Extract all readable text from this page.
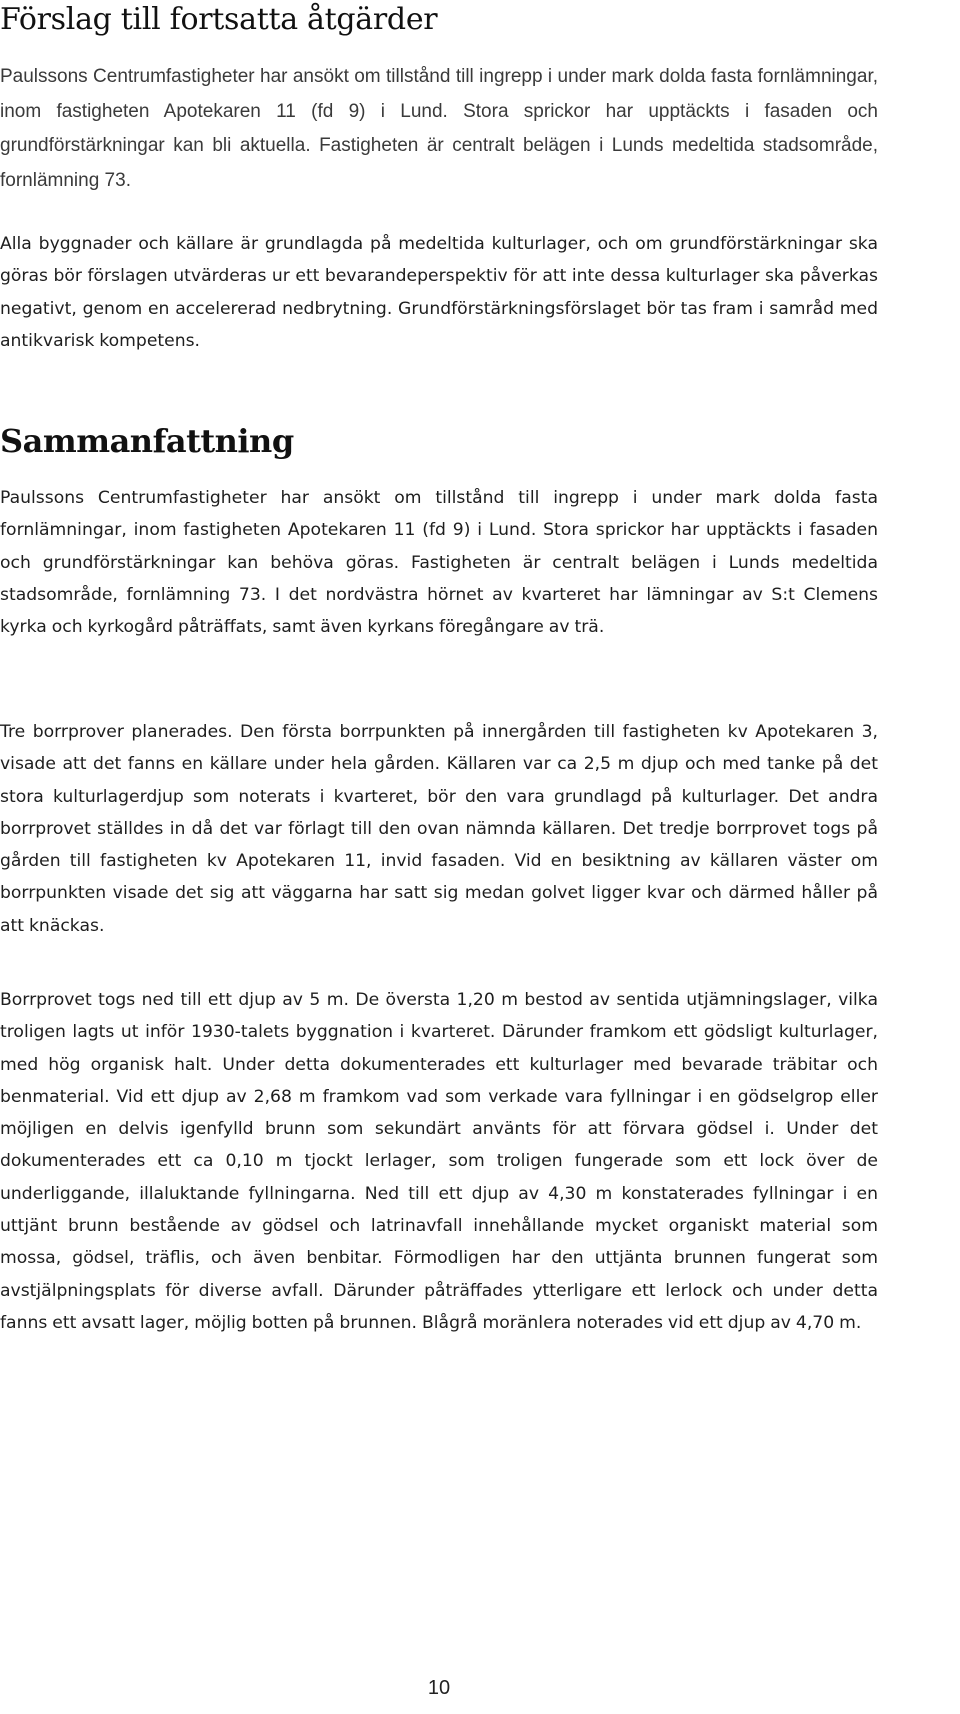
Förslag till fortsatta åtgärder

Paulssons Centrumfastigheter har ansökt om tillstånd till ingrepp i under mark dolda fasta fornlämningar, inom fastigheten Apotekaren 11 (fd 9) i Lund. Stora sprickor har upptäckts i fasaden och grundförstärkningar kan bli aktuella. Fastigheten är centralt belägen i Lunds medeltida stadsområde, fornlämning 73.

Alla byggnader och källare är grundlagda på medeltida kulturlager, och om grundförstärkningar ska göras bör förslagen utvärderas ur ett bevarandeperspektiv för att inte dessa kulturlager ska påverkas negativt, genom en accelererad nedbrytning. Grundförstärkningsförslaget bör tas fram i samråd med antikvarisk kompetens.

Sammanfattning

Paulssons Centrumfastigheter har ansökt om tillstånd till ingrepp i under mark dolda fasta fornlämningar, inom fastigheten Apotekaren 11 (fd 9) i Lund. Stora sprickor har upptäckts i fasaden och grundförstärkningar kan behöva göras. Fastigheten är centralt belägen i Lunds medeltida stadsområde, fornlämning 73. I det nordvästra hörnet av kvarteret har lämningar av S:t Clemens kyrka och kyrkogård påträffats, samt även kyrkans föregångare av trä.

Tre borrprover planerades. Den första borrpunkten på innergården till fastigheten kv Apotekaren 3, visade att det fanns en källare under hela gården. Källaren var ca 2,5 m djup och med tanke på det stora kulturlagerdjup som noterats i kvarteret, bör den vara grundlagd på kulturlager. Det andra borrprovet ställdes in då det var förlagt till den ovan nämnda källaren. Det tredje borrprovet togs på gården till fastigheten kv Apotekaren 11, invid fasaden. Vid en besiktning av källaren väster om borrpunkten visade det sig att väggarna har satt sig medan golvet ligger kvar och därmed håller på att knäckas.

Borrprovet togs ned till ett djup av 5 m. De översta 1,20 m bestod av sentida utjämningslager, vilka troligen lagts ut inför 1930-talets byggnation i kvarteret. Därunder framkom ett gödsligt kulturlager, med hög organisk halt. Under detta dokumenterades ett kulturlager med bevarade träbitar och benmaterial. Vid ett djup av 2,68 m framkom vad som verkade vara fyllningar i en gödselgrop eller möjligen en delvis igenfylld brunn som sekundärt använts för att förvara gödsel i. Under det dokumenterades ett ca 0,10 m tjockt lerlager, som troligen fungerade som ett lock över de underliggande, illaluktande fyllningarna. Ned till ett djup av 4,30 m konstaterades fyllningar i en uttjänt brunn bestående av gödsel och latrinavfall innehållande mycket organiskt material som mossa, gödsel, träflis, och även benbitar. Förmodligen har den uttjänta brunnen fungerat som avstjälpningsplats för diverse avfall. Därunder påträffades ytterligare ett lerlock och under detta fanns ett avsatt lager, möjlig botten på brunnen. Blågrå moränlera noterades vid ett djup av 4,70 m.

10
